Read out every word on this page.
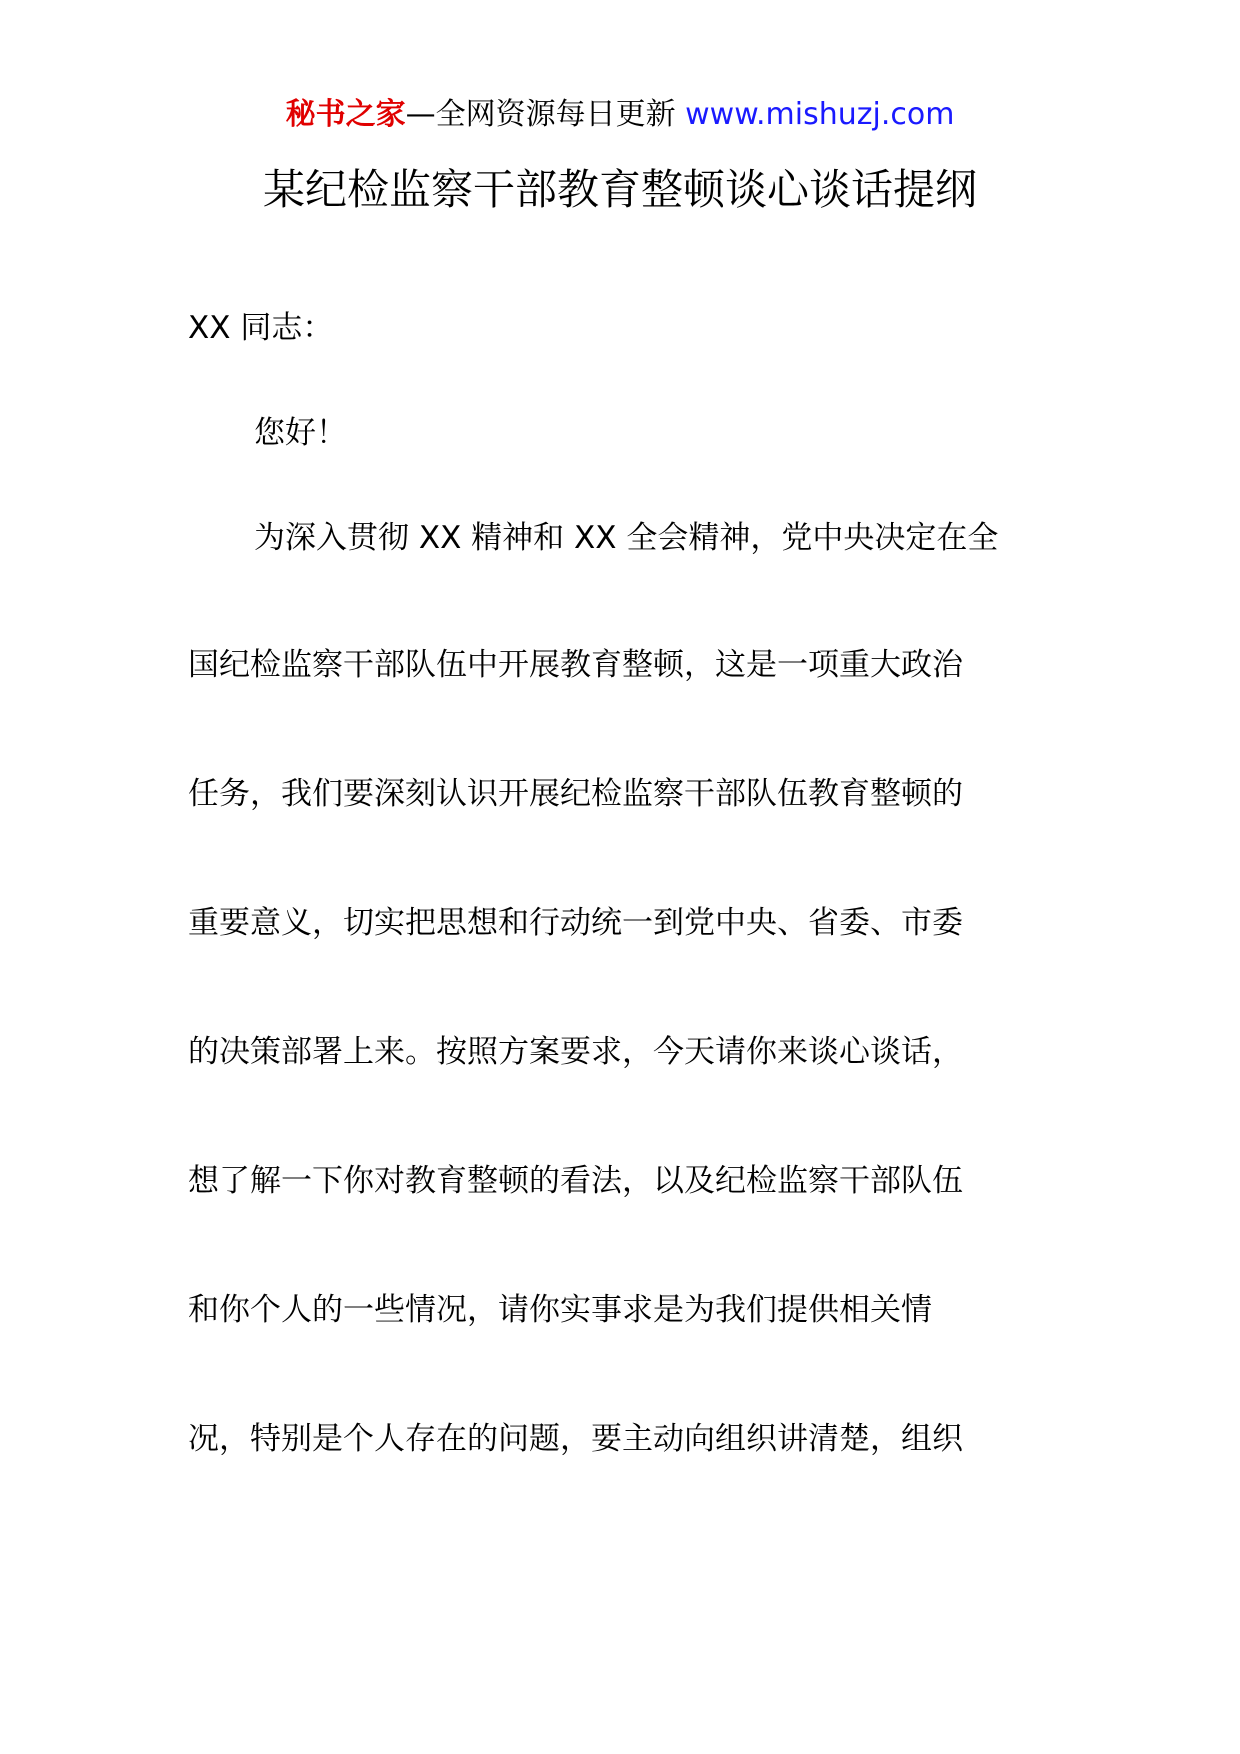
秘书之家—全网资源每日更新 www.mishuzj.com
某纪检监察干部教育整顿谈心谈话提纲
XX 同志：
您好！
为深入贯彻 XX 精神和 XX 全会精神，党中央决定在全
国纪检监察干部队伍中开展教育整顿，这是一项重大政治
任务，我们要深刻认识开展纪检监察干部队伍教育整顿的
重要意义，切实把思想和行动统一到党中央、省委、市委
的决策部署上来。按照方案要求，今天请你来谈心谈话，
想了解一下你对教育整顿的看法，以及纪检监察干部队伍
和你个人的一些情况，请你实事求是为我们提供相关情
况，特别是个人存在的问题，要主动向组织讲清楚，组织
